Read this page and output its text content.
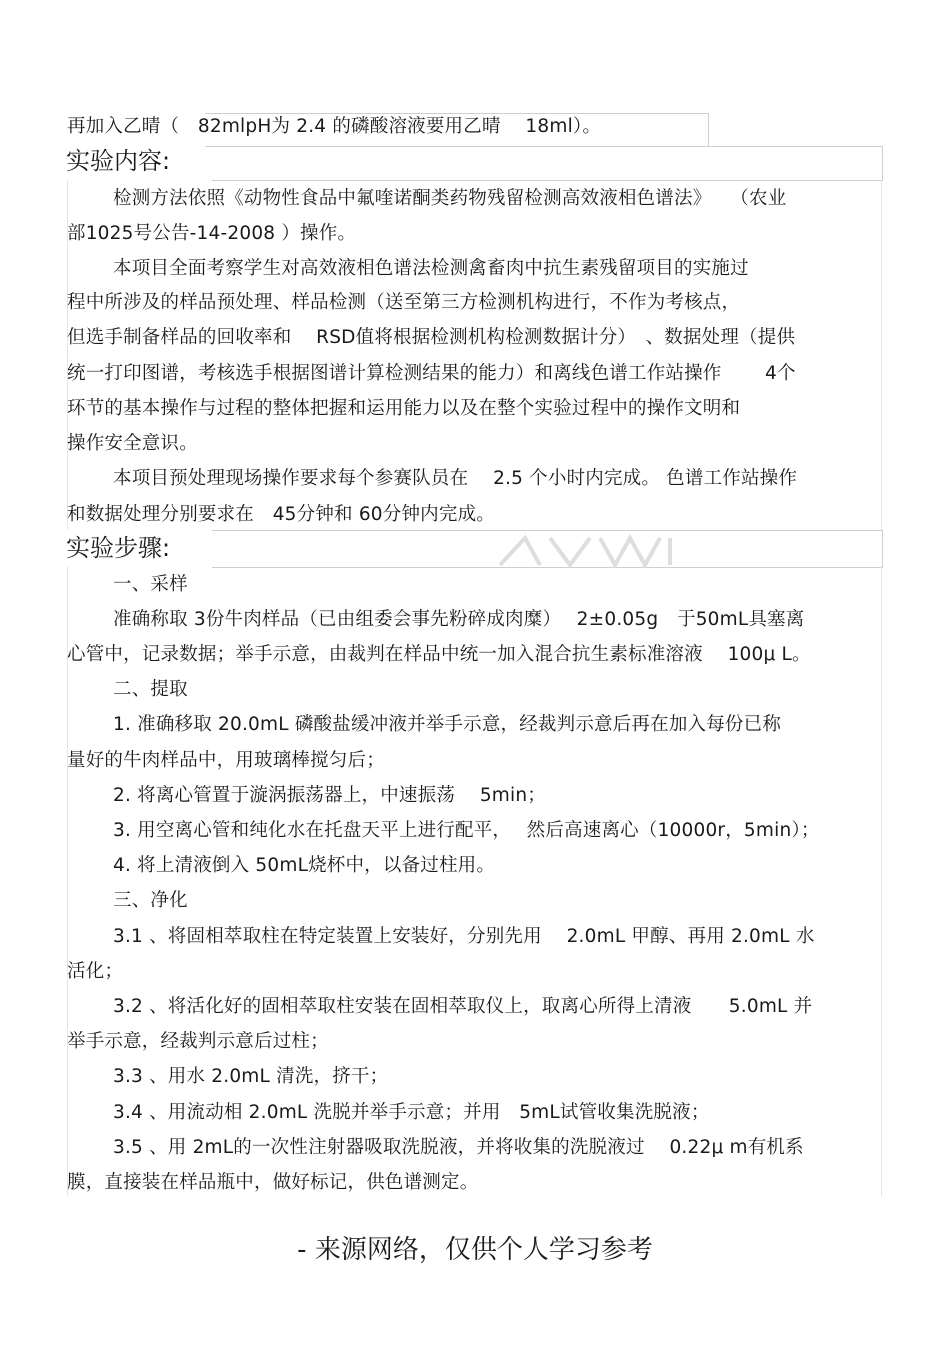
再加入乙晴（　82mlpH为 2.4 的磷酸溶液要用乙晴　 18ml）。
实验内容:
检测方法依照《动物性食品中氟喹诺酮类药物残留检测高效液相色谱法》　　（农业
部1025号公告-14-2008 ）操作。
本项目全面考察学生对高效液相色谱法检测禽畜肉中抗生素残留项目的实施过
程中所涉及的样品预处理、样品检测（送至第三方检测机构进行，不作为考核点，
但选手制备样品的回收率和　 RSD值将根据检测机构检测数据计分）　、数据处理（提供
统一打印图谱，考核选手根据图谱计算检测结果的能力）和离线色谱工作站操作　　 4个
环节的基本操作与过程的整体把握和运用能力以及在整个实验过程中的操作文明和
操作安全意识。
本项目预处理现场操作要求每个参赛队员在　 2.5 个小时内完成。 色谱工作站操作
和数据处理分别要求在　45分钟和 60分钟内完成。
实验步骤:
一、采样
准确称取 3份牛肉样品（已由组委会事先粉碎成肉糜）　 2±0.05g　于50mL具塞离
心管中，记录数据；举手示意，由裁判在样品中统一加入混合抗生素标准溶液　 100μ L。
二、提取
1. 准确移取 20.0mL 磷酸盐缓冲液并举手示意，经裁判示意后再在加入每份已称
量好的牛肉样品中，用玻璃棒搅匀后；
2. 将离心管置于漩涡振荡器上，中速振荡　 5min；
3. 用空离心管和纯化水在托盘天平上进行配平，　 然后高速离心（10000r，5min）；
4. 将上清液倒入 50mL烧杯中，以备过柱用。
三、净化
3.1 、将固相萃取柱在特定装置上安装好，分别先用　 2.0mL 甲醇、再用 2.0mL 水
活化；
3.2 、将活化好的固相萃取柱安装在固相萃取仪上，取离心所得上清液　　5.0mL 并
举手示意，经裁判示意后过柱；
3.3 、用水 2.0mL 清洗，挤干；
3.4 、用流动相 2.0mL 洗脱并举手示意；并用　5mL试管收集洗脱液；
3.5 、用 2mL的一次性注射器吸取洗脱液，并将收集的洗脱液过　 0.22μ m有机系
膜，直接装在样品瓶中，做好标记，供色谱测定。
- 来源网络，仅供个人学习参考
